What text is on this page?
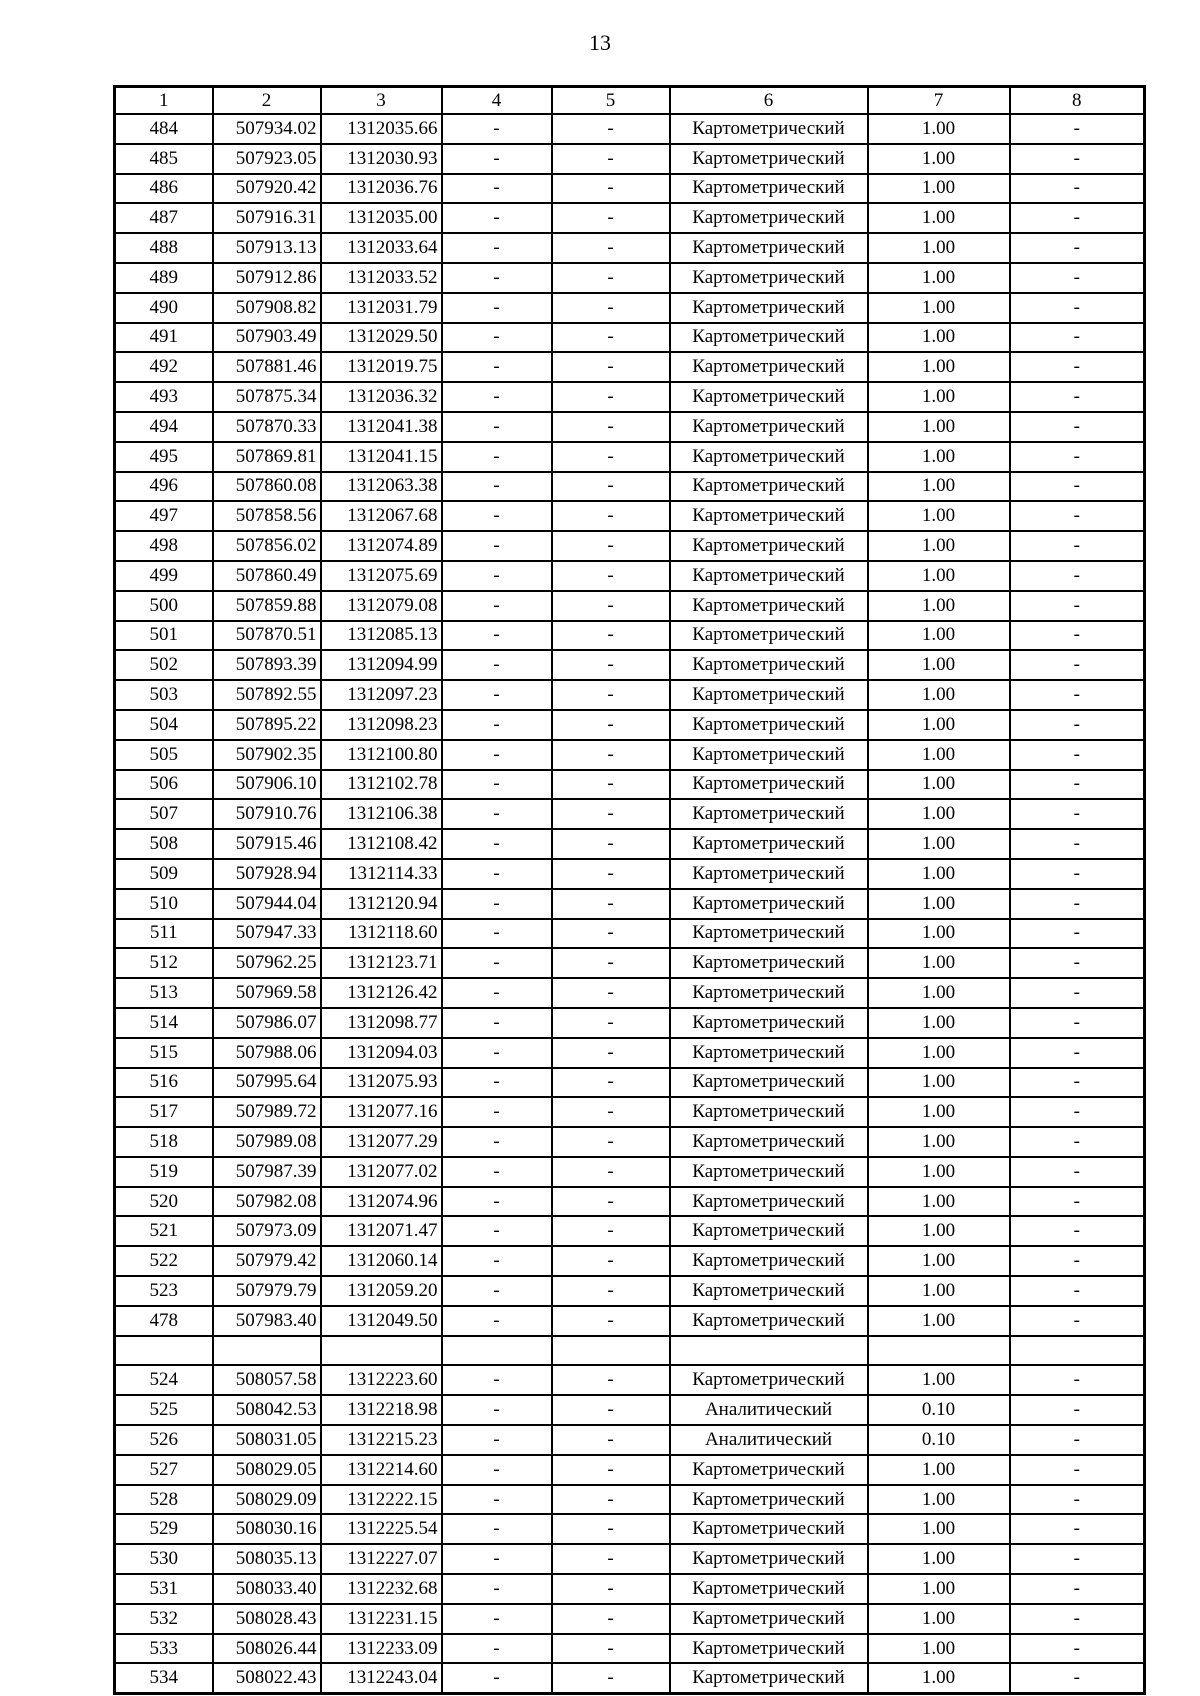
13
1	2	3	4	5	6	7	8
484	507934.02	1312035.66	-	-	Картометрический	1.00	-
485	507923.05	1312030.93	-	-	Картометрический	1.00	-
486	507920.42	1312036.76	-	-	Картометрический	1.00	-
487	507916.31	1312035.00	-	-	Картометрический	1.00	-
488	507913.13	1312033.64	-	-	Картометрический	1.00	-
489	507912.86	1312033.52	-	-	Картометрический	1.00	-
490	507908.82	1312031.79	-	-	Картометрический	1.00	-
491	507903.49	1312029.50	-	-	Картометрический	1.00	-
492	507881.46	1312019.75	-	-	Картометрический	1.00	-
493	507875.34	1312036.32	-	-	Картометрический	1.00	-
494	507870.33	1312041.38	-	-	Картометрический	1.00	-
495	507869.81	1312041.15	-	-	Картометрический	1.00	-
496	507860.08	1312063.38	-	-	Картометрический	1.00	-
497	507858.56	1312067.68	-	-	Картометрический	1.00	-
498	507856.02	1312074.89	-	-	Картометрический	1.00	-
499	507860.49	1312075.69	-	-	Картометрический	1.00	-
500	507859.88	1312079.08	-	-	Картометрический	1.00	-
501	507870.51	1312085.13	-	-	Картометрический	1.00	-
502	507893.39	1312094.99	-	-	Картометрический	1.00	-
503	507892.55	1312097.23	-	-	Картометрический	1.00	-
504	507895.22	1312098.23	-	-	Картометрический	1.00	-
505	507902.35	1312100.80	-	-	Картометрический	1.00	-
506	507906.10	1312102.78	-	-	Картометрический	1.00	-
507	507910.76	1312106.38	-	-	Картометрический	1.00	-
508	507915.46	1312108.42	-	-	Картометрический	1.00	-
509	507928.94	1312114.33	-	-	Картометрический	1.00	-
510	507944.04	1312120.94	-	-	Картометрический	1.00	-
511	507947.33	1312118.60	-	-	Картометрический	1.00	-
512	507962.25	1312123.71	-	-	Картометрический	1.00	-
513	507969.58	1312126.42	-	-	Картометрический	1.00	-
514	507986.07	1312098.77	-	-	Картометрический	1.00	-
515	507988.06	1312094.03	-	-	Картометрический	1.00	-
516	507995.64	1312075.93	-	-	Картометрический	1.00	-
517	507989.72	1312077.16	-	-	Картометрический	1.00	-
518	507989.08	1312077.29	-	-	Картометрический	1.00	-
519	507987.39	1312077.02	-	-	Картометрический	1.00	-
520	507982.08	1312074.96	-	-	Картометрический	1.00	-
521	507973.09	1312071.47	-	-	Картометрический	1.00	-
522	507979.42	1312060.14	-	-	Картометрический	1.00	-
523	507979.79	1312059.20	-	-	Картометрический	1.00	-
478	507983.40	1312049.50	-	-	Картометрический	1.00	-

524	508057.58	1312223.60	-	-	Картометрический	1.00	-
525	508042.53	1312218.98	-	-	Аналитический	0.10	-
526	508031.05	1312215.23	-	-	Аналитический	0.10	-
527	508029.05	1312214.60	-	-	Картометрический	1.00	-
528	508029.09	1312222.15	-	-	Картометрический	1.00	-
529	508030.16	1312225.54	-	-	Картометрический	1.00	-
530	508035.13	1312227.07	-	-	Картометрический	1.00	-
531	508033.40	1312232.68	-	-	Картометрический	1.00	-
532	508028.43	1312231.15	-	-	Картометрический	1.00	-
533	508026.44	1312233.09	-	-	Картометрический	1.00	-
534	508022.43	1312243.04	-	-	Картометрический	1.00	-
